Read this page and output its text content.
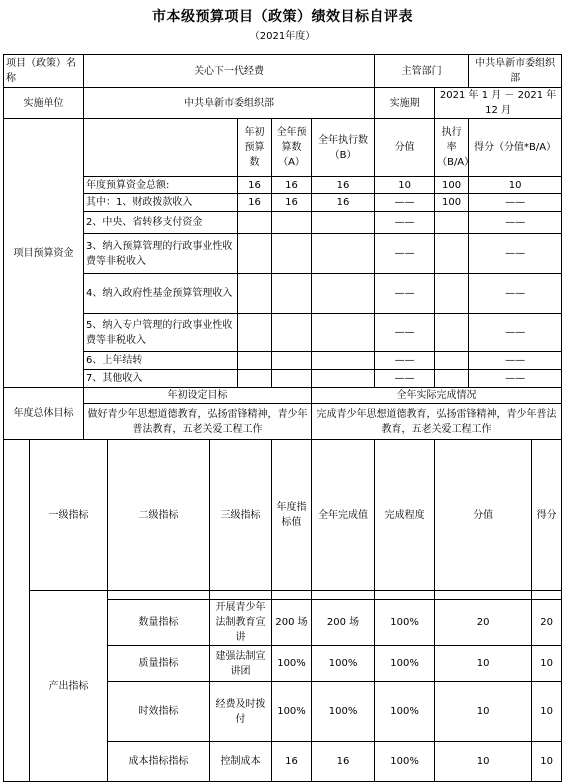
市本级预算项目（政策）绩效目标自评表
（2021年度）
项目（政策）名称		关心下一代经费						主管部门		中共阜新市委组织部		
实施单位		中共阜新市委组织部						实施期	2021 年 1 月 － 2021 年 12 月			
项目预算资金					年初预算数	全年预算数（A）	全年执行数（B）	分值	执行率（B/A）	得分（分值*B/A）		
		年度预算资金总额:			16	16	16	10	100	10		
		其中：1、财政拨款收入			16	16	16	——	100	——		
		2、中央、省转移支付资金						——		——		
		3、纳入预算管理的行政事业性收费等非税收入						——		——		
		4、纳入政府性基金预算管理收入						——		——		
		5、纳入专户管理的行政事业性收费等非税收入						——		——		
		6、上年结转						——		——		
		7、其他收入						——		——		
年度总体目标		年初设定目标					全年实际完成情况					
		做好青少年思想道德教育，弘扬雷锋精神，青少年普法教育，五老关爱工程工作					完成青少年思想道德教育，弘扬雷锋精神，青少年普法教育，五老关爱工程工作					
	一级指标		二级指标	三级指标		年度指标值	全年完成值	完成程度	分值		得分	
	产出指标											
			数量指标	开展青少年法制教育宣讲		200 场	200 场	100%	20		20	
			质量指标	建强法制宣讲团		100%	100%	100%	10		10	
			时效指标	经费及时拨付		100%	100%	100%	10		10	
			成本指标指标	控制成本		16	16	100%	10		10	
